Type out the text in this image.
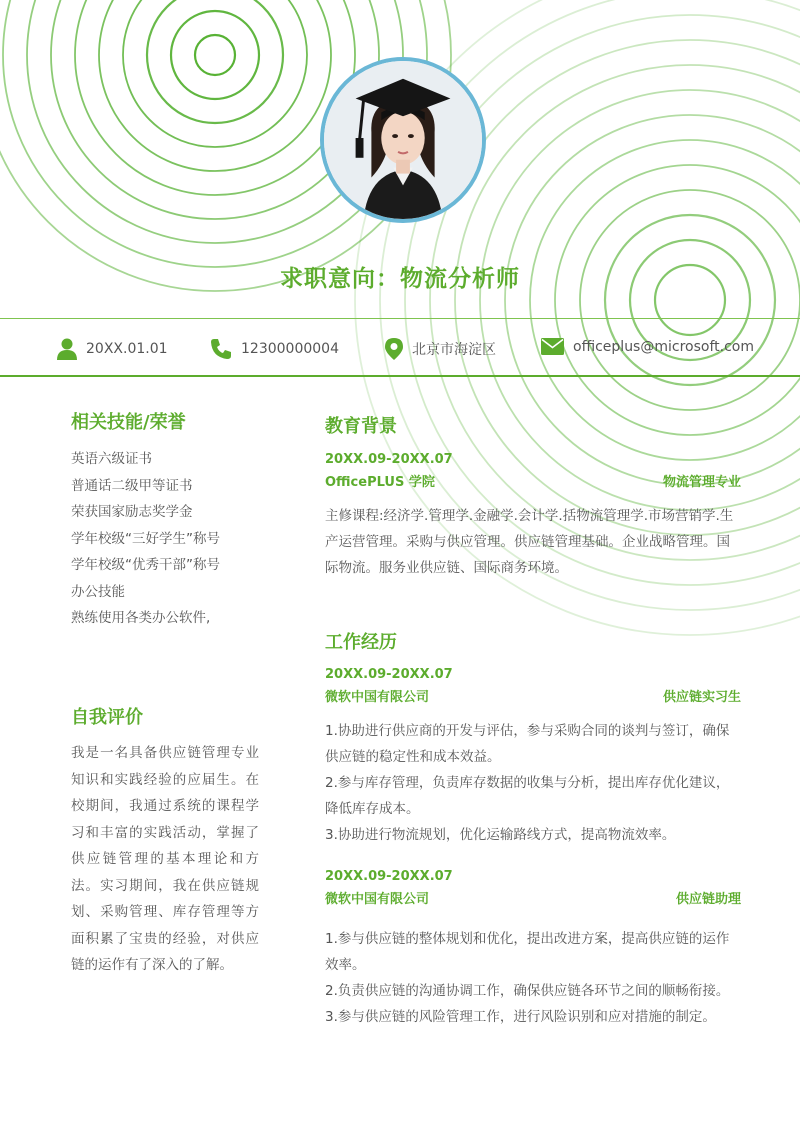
求职意向：物流分析师
20XX.01.01	12300000004	北京市海淀区	officeplus@microsoft.com
相关技能/荣誉
英语六级证书
普通话二级甲等证书
荣获国家励志奖学金
学年校级“三好学生”称号
学年校级“优秀干部”称号
办公技能
熟练使用各类办公软件,
自我评价
我是一名具备供应链管理专业知识和实践经验的应届生。在校期间，我通过系统的课程学习和丰富的实践活动，掌握了供应链管理的基本理论和方法。实习期间，我在供应链规划、采购管理、库存管理等方面积累了宝贵的经验，对供应链的运作有了深入的了解。
教育背景
20XX.09-20XX.07
OfficePLUS 学院	物流管理专业

主修课程:经济学.管理学.金融学.会计学.括物流管理学.市场营销学.生产运营管理。采购与供应管理。供应链管理基础。企业战略管理。国际物流。服务业供应链、国际商务环境。

工作经历
20XX.09-20XX.07
微软中国有限公司	供应链实习生

1.协助进行供应商的开发与评估，参与采购合同的谈判与签订，确保供应链的稳定性和成本效益。

2.参与库存管理，负责库存数据的收集与分析，提出库存优化建议，降低库存成本。

3.协助进行物流规划，优化运输路线方式，提高物流效率。

20XX.09-20XX.07
微软中国有限公司	供应链助理

1.参与供应链的整体规划和优化，提出改进方案，提高供应链的运作效率。

2.负责供应链的沟通协调工作，确保供应链各环节之间的顺畅衔接。

3.参与供应链的风险管理工作，进行风险识别和应对措施的制定。
